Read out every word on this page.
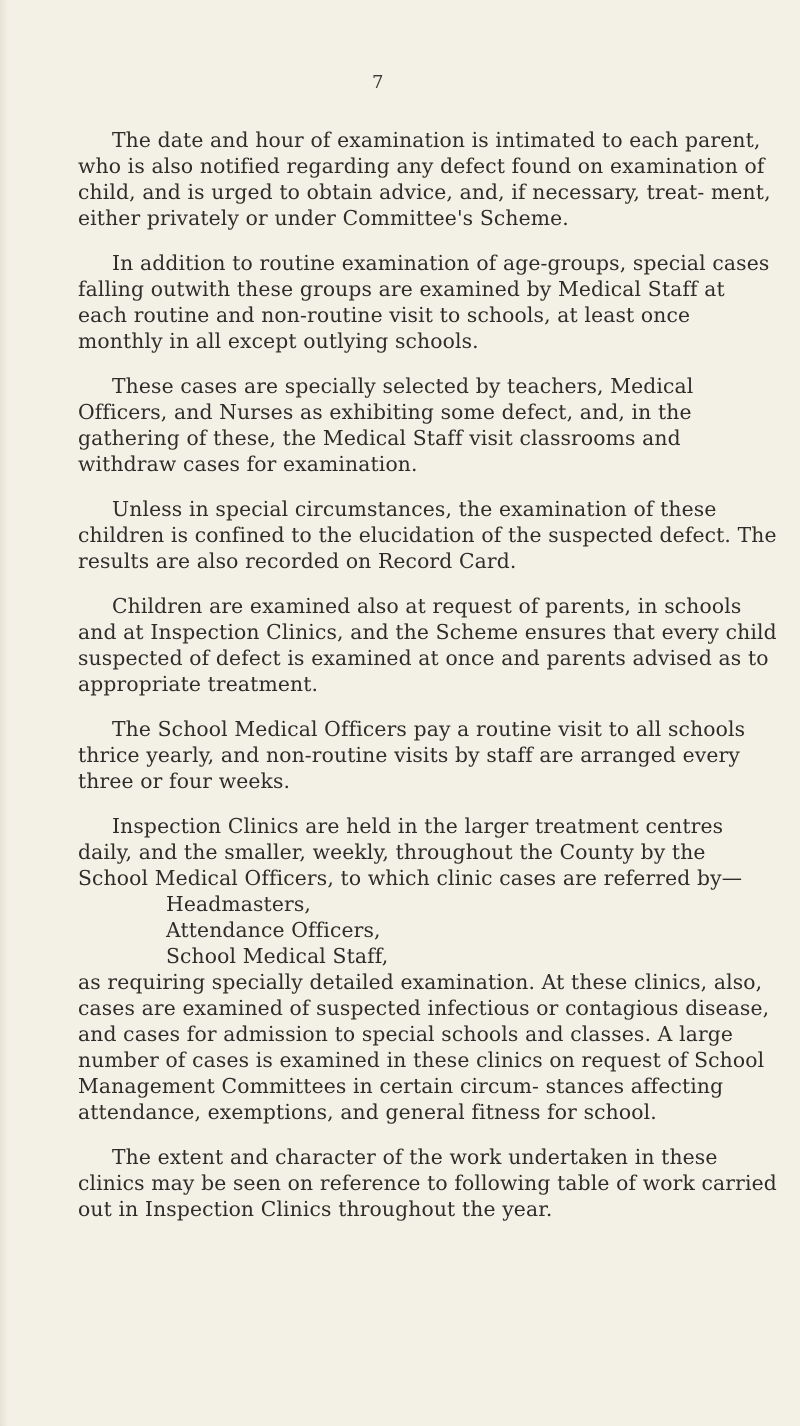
7

The date and hour of examination is intimated to each parent, who is also notified regarding any defect found on examination of child, and is urged to obtain advice, and, if necessary, treat- ment, either privately or under Committee's Scheme.

In addition to routine examination of age-groups, special cases falling outwith these groups are examined by Medical Staff at each routine and non-routine visit to schools, at least once monthly in all except outlying schools.

These cases are specially selected by teachers, Medical Officers, and Nurses as exhibiting some defect, and, in the gathering of these, the Medical Staff visit classrooms and withdraw cases for examination.

Unless in special circumstances, the examination of these children is confined to the elucidation of the suspected defect. The results are also recorded on Record Card.

Children are examined also at request of parents, in schools and at Inspection Clinics, and the Scheme ensures that every child suspected of defect is examined at once and parents advised as to appropriate treatment.

The School Medical Officers pay a routine visit to all schools thrice yearly, and non-routine visits by staff are arranged every three or four weeks.

Inspection Clinics are held in the larger treatment centres daily, and the smaller, weekly, throughout the County by the School Medical Officers, to which clinic cases are referred by—

Headmasters,
Attendance Officers,
School Medical Staff,

as requiring specially detailed examination. At these clinics, also, cases are examined of suspected infectious or contagious disease, and cases for admission to special schools and classes. A large number of cases is examined in these clinics on request of School Management Committees in certain circum- stances affecting attendance, exemptions, and general fitness for school.

The extent and character of the work undertaken in these clinics may be seen on reference to following table of work carried out in Inspection Clinics throughout the year.
